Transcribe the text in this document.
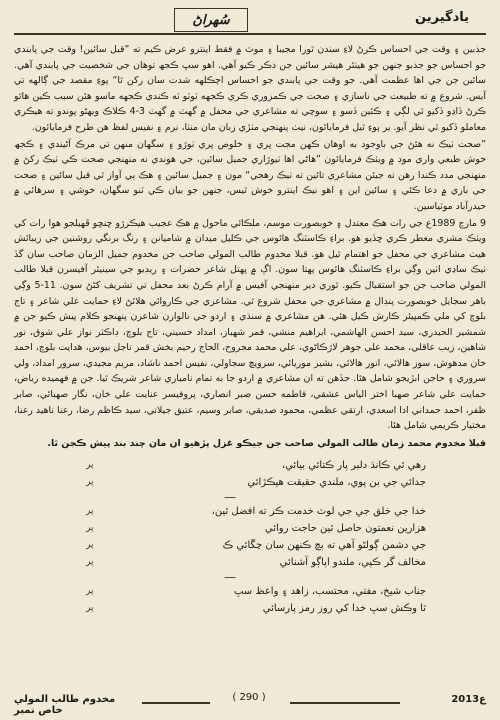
سُهراڻ	يادگيرين

جذبين ۽ وقت جي احساس ڪرڻ لاءِ سندن ٿورا مجيبا ۽ موٽ ۾ فقط اينترو عرض ڪيم ته ”قبل سائين! وقت جي پابندي جو احساس جو جذبو جنهن جو هيٺئر هيشر سائين جن ذڪر ڪيو آهي. اهو سڀ ڪجھ توهان جي شخصيت جي پابندي آهي. سائين جن جي اها عظمت آهي. جو وقت جي پابندي جو احساس اڄڪلهه شدت سان رکن ٿا“ پوءِ مقصد جي ڳالهه تي آيس. شروع ۾ ته طبيعت جي ناسازي ۽ صحت جي ڪمزوري ڪري ڪجهه ٽوٽو ٽه ڪندي ڪجهه ماسو هئن سبب ڪين هاٿو ڪرڻ ڏاڍو ڏکيو ٿي لڳي ۽ ڪئين ڏسو ۽ سوچي ته مشاعري جي محفل ۾ گهٽ ۾ گهٽ 3-4 ڪلاڪ ويهڻو پوندو ته هيڪري معاملو ڏکيو ٿي نظر آيو. ير پوءِ ٿيل فرمايائون، نيٺ پنهنجي مٺڙي زبان مان منٺا، نرم ۽ نفيس لفظ هن طرح فرمايائون.

”صحت ٺيڪ نه هئڻ جي باوجود به اوهان ڪهن مجت ڀري ۽ خلوص ڀري ٺوڙو ۽ سگهان منهن تي مرڪ آڻيندي ۽ ڪجھ خوش طبعي واري موڊ ۾ ويٺڪ فرمايائون ”هاڻي اها ٺيوڙاري جميل سائين، جي هوندي نه منهنجي صحت ڪي ٺيڪ رکڻ ۾ منهنجي مدد ڪندا رهن ته جيئن مشاعري تائين ته ٺيڪ رهجي“ مون ۽ جميل سائين ۽ هڪ ٻي آواز ٿي قبل سائين ۽ صحت جي باري ۾ دعا ڪئي ۽ سائين اين ۽ اهو نيڪ اينترو خوش ٿيس، جنهن جو بيان ڪي ٽنو سگهان، خوشي ۽ سرهائي ۾ حيدرآباد موٽياسين.

9 مارچ 1989ع جي رات هڪ معتدل ۽ خوبصورت موسم، ملڪائي ماحول ۾ هڪ عجيب هيڪرڙو ڇنڇو ڦهيلجو هوا رات کي ويٺڪ مشري معطر ڪري ڇڏيو هو. براءِ ڪاسٽنگ هائوس جي ڪليل ميدان ۾ شاميانن ۽ رنگ برنگي روشنين جي زيبائش هيٺ مشاعري جي محفل جو اهتمام ٿيل هو. قبلا مخدوم طالب المولي صاحب جن مخدوم جميل الزمان صاحب سان گڏ ٺيڪ ساڍي اٺين وڳي براءِ ڪاسٽنگ هائوس پهتا سون. اڳ ۾ پهتل شاعر حضرات ۽ ريڊيو جي سينيئر آفيسرن قبلا طالب المولي صاحب جن جو استقبال ڪيو. ٿوري دير منهنجي آفيس ۾ آرام ڪرڻ بعد محفل تي تشريف کڻڻ سون. 11-5 وڳي باهر سجايل خوبصورت پنڊال ۾ مشاعري جي محفل شروع ٿي. مشاعري جي ڪاروائي هلائڻ لاءِ حمايت علي شاعر ۽ تاج بلوچ کي ملي ڪمپيئر ڪارش ڪيل هئي. هن مشاعري ۾ سنڌي ۽ اردو جي نالوارن شاعرن پنهنجو ڪلام پيش ڪيو جن ۾ شمشير الحيدري، سيد احسن الهاشمي، ابراهيم منشي، قمر شهباز، امداد حسيني، تاج بلوچ، ڊاڪٽر نواز علي شوق، نور شاهين، زيب عاقلي، محمد علي جوهر لاڙڪاڻوي، علي محمد مجروح، الحاج رحيم بخش قمر تاجل بيوس، هدايت بلوچ، احمد خان مدهوش، سوز هالائي، انور هالائي، بشير موريائي، سرويچ سجاولي، نفيس احمد ناشاد، مريم مجيدي، سرور امداد، ولي سروري ۽ حاجن ابڙيجو شامل هئا. جڏهن ته ان مشاعري ۾ اردو جا به تمام نامياري شاعر شريڪ ٿيا. جن ۾ فهميده رياض، حمايت علي شاعر صهبا اختر الياس عشقي، فاطمه حسن صبر انصاري، پروفيسر عنايت علي خان، نگار صهبائي، صابر ظفر، احمد حمداني ادا اسعدي، ارتقي عظمي، محمود صديقي، صابر وسيم، عتيق جيلاني، سيد ڪاظم رضا، رعنا ناهيد رعنا، مختيار ڪريمي شامل هئا.

قبلا مخدوم محمد زمان طالب المولي صاحب جن جيڪو غزل پڙهيو ان مان چند بند پيش ڪجن ٿا.
رهي ٿي ڪانڌ دلبر پار ڪتائي بيائي،
پر
جدائي جي بن پوي، ملندي حقيقت هيڪڙائي
پر
—
خدا جي خلق جي جي لوٽ خدمت ڪر ته افضل ٿين،
پر
هزارين نعمتون حاصل ٿين حاجت روائي
پر
جي دشمن ڳولڻو آهي ته ٻچ ڪنهن سان چڱائي ڪ
پر
مخالف گر ڪپي، ملندو اپاڳو آشنائي
پر
—
جناب شيخ، مفتي، محتسب، زاهد ۽ واعظ سڀ
پر
ٿا وڪش سڀ خدا کي روز رمز پارسائي
پر
مخدوم طالب المولي خاص نمبر
( 290 )	2013ع
